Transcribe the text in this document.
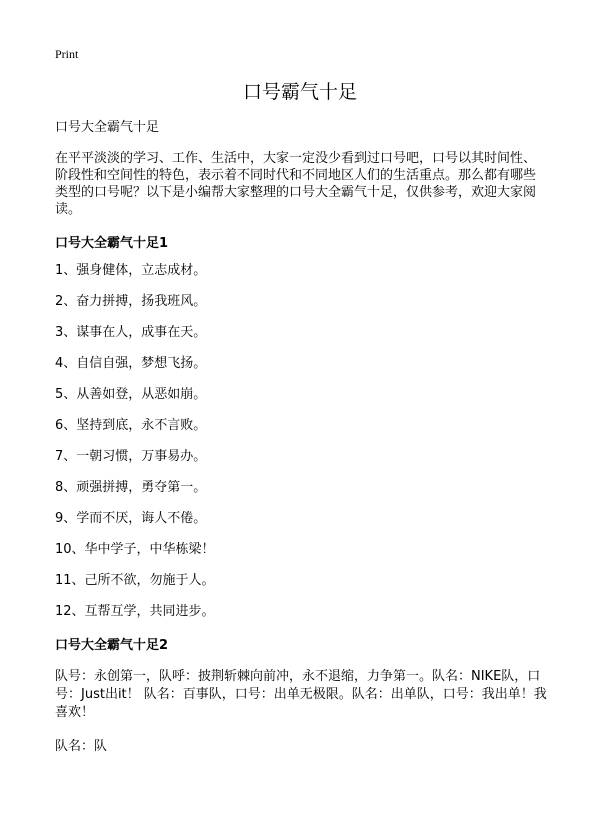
Print
口号霸气十足

口号大全霸气十足

在平平淡淡的学习、工作、生活中，大家一定没少看到过口号吧，口号以其时间性、阶段性和空间性的特色，表示着不同时代和不同地区人们的生活重点。那么都有哪些类型的口号呢？以下是小编帮大家整理的口号大全霸气十足，仅供参考，欢迎大家阅读。

口号大全霸气十足1
1、强身健体，立志成材。
2、奋力拼搏，扬我班风。
3、谋事在人，成事在天。
4、自信自强，梦想飞扬。
5、从善如登，从恶如崩。
6、坚持到底，永不言败。
7、一朝习惯，万事易办。
8、顽强拼搏，勇夺第一。
9、学而不厌，诲人不倦。
10、华中学子，中华栋梁！
11、己所不欲，勿施于人。
12、互帮互学，共同进步。
口号大全霸气十足2

队号：永创第一，队呼：披荆斩棘向前冲，永不退缩，力争第一。队名：NIKE队，口号：Just出it！ 队名：百事队，口号：出单无极限。队名：出单队，口号：我出单！我喜欢！

队名：队
